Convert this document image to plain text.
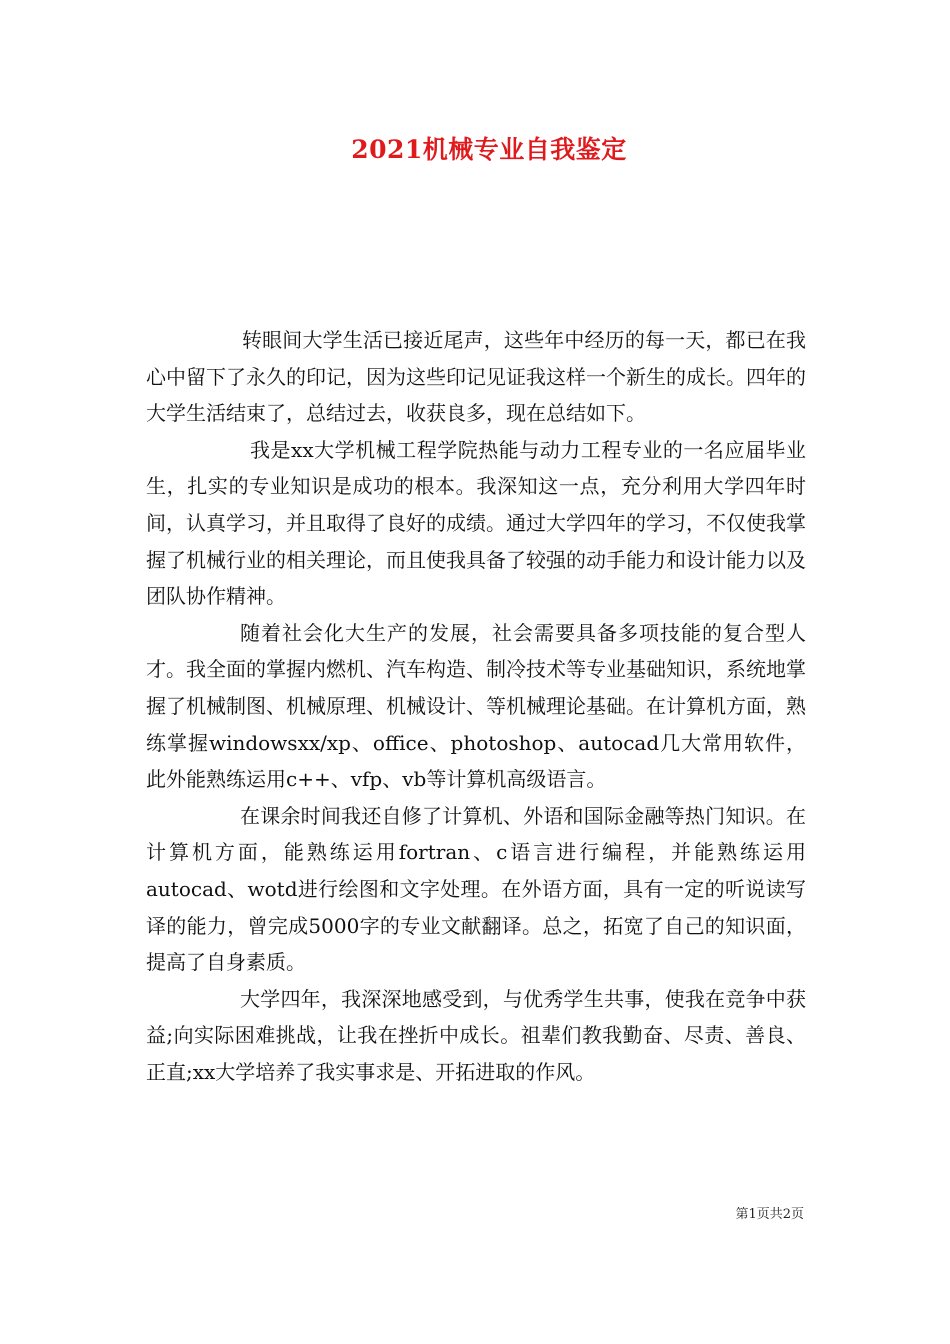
2021机械专业自我鉴定

转眼间大学生活已接近尾声，这些年中经历的每一天，都已在我心中留下了永久的印记，因为这些印记见证我这样一个新生的成长。四年的大学生活结束了，总结过去，收获良多，现在总结如下。

我是xx大学机械工程学院热能与动力工程专业的一名应届毕业生，扎实的专业知识是成功的根本。我深知这一点，充分利用大学四年时间，认真学习，并且取得了良好的成绩。通过大学四年的学习，不仅使我掌握了机械行业的相关理论，而且使我具备了较强的动手能力和设计能力以及团队协作精神。

随着社会化大生产的发展，社会需要具备多项技能的复合型人才。我全面的掌握内燃机、汽车构造、制冷技术等专业基础知识，系统地掌握了机械制图、机械原理、机械设计、等机械理论基础。在计算机方面，熟练掌握windowsxx/xp、office、photoshop、autocad几大常用软件，此外能熟练运用c++、vfp、vb等计算机高级语言。

在课余时间我还自修了计算机、外语和国际金融等热门知识。在计算机方面，能熟练运用fortran、c语言进行编程，并能熟练运用autocad、wotd进行绘图和文字处理。在外语方面，具有一定的听说读写译的能力，曾完成5000字的专业文献翻译。总之，拓宽了自己的知识面，提高了自身素质。

大学四年，我深深地感受到，与优秀学生共事，使我在竞争中获益;向实际困难挑战，让我在挫折中成长。祖辈们教我勤奋、尽责、善良、正直;xx大学培养了我实事求是、开拓进取的作风。

第1页共2页
